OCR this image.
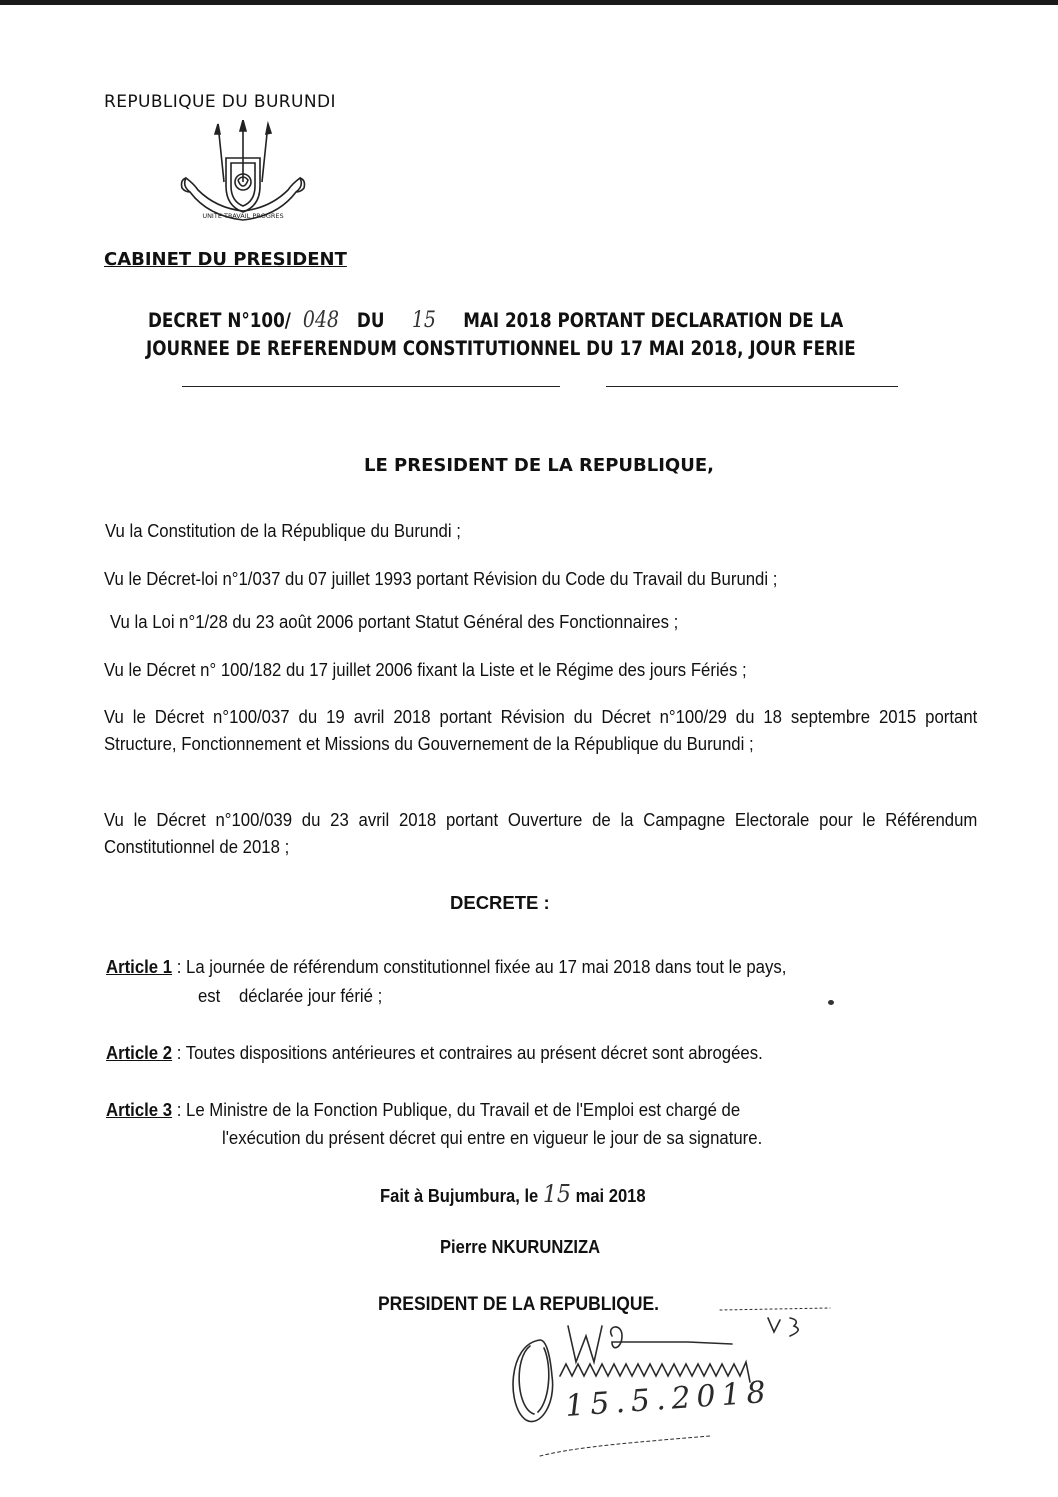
REPUBLIQUE DU BURUNDI
UNITE TRAVAIL PROGRES
CABINET DU PRESIDENT
DECRET N°100/ 048 DU 15 MAI 2018 PORTANT DECLARATION DE LA
JOURNEE DE REFERENDUM CONSTITUTIONNEL DU 17 MAI 2018, JOUR FERIE
LE PRESIDENT DE LA REPUBLIQUE,
Vu la Constitution de la République du Burundi ;
Vu le Décret-loi n°1/037 du 07 juillet 1993 portant Révision du Code du Travail du Burundi ;
Vu la Loi n°1/28 du 23 août 2006 portant Statut Général des Fonctionnaires ;
Vu le Décret n° 100/182 du 17 juillet 2006 fixant la Liste et le Régime des jours Fériés ;
Vu le Décret n°100/037 du 19 avril 2018 portant Révision du Décret n°100/29 du 18 septembre 2015 portant Structure, Fonctionnement et Missions du Gouvernement de la République du Burundi ;
Vu le Décret n°100/039 du 23 avril 2018 portant Ouverture de la Campagne Electorale pour le Référendum Constitutionnel de 2018 ;
DECRETE :
Article 1 : La journée de référendum constitutionnel fixée au 17 mai 2018 dans tout le pays,
est    déclarée jour férié ;
Article 2 : Toutes dispositions antérieures et contraires au présent décret sont abrogées.
Article 3 : Le Ministre de la Fonction Publique, du Travail et de l'Emploi est chargé de
l'exécution du présent décret qui entre en vigueur le jour de sa signature.
Fait à Bujumbura, le 15 mai 2018
Pierre NKURUNZIZA
PRESIDENT DE LA REPUBLIQUE.
15.5.2018
